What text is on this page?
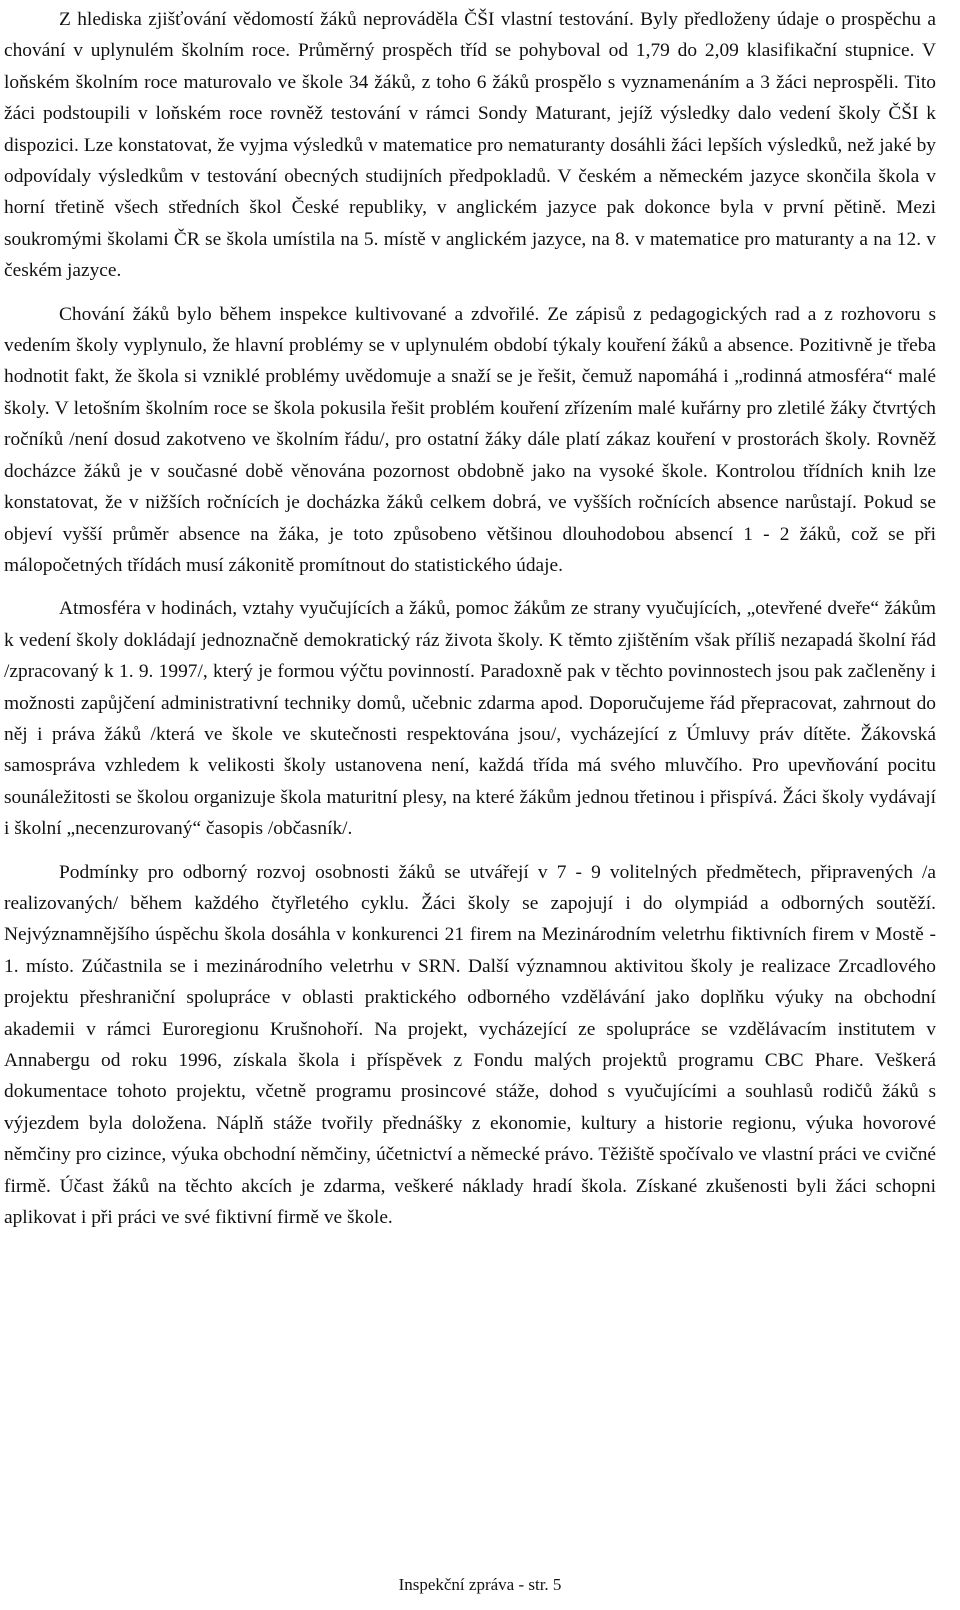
Z hlediska zjišťování vědomostí žáků neprováděla ČŠI vlastní testování. Byly předloženy údaje o prospěchu a chování v uplynulém školním roce. Průměrný prospěch tříd se pohyboval od 1,79 do 2,09 klasifikační stupnice. V loňském školním roce maturovalo ve škole 34 žáků, z toho 6 žáků prospělo s vyznamenáním a 3 žáci neprospěli. Tito žáci podstoupili v loňském roce rovněž testování v rámci Sondy Maturant, jejíž výsledky dalo vedení školy ČŠI k dispozici. Lze konstatovat, že vyjma výsledků v matematice pro nematuranty dosáhli žáci lepších výsledků, než jaké by odpovídaly výsledkům v testování obecných studijních předpokladů. V českém a německém jazyce skončila škola v horní třetině všech středních škol České republiky, v anglickém jazyce pak dokonce byla v první pětině. Mezi soukromými školami ČR se škola umístila na 5. místě v anglickém jazyce, na 8. v matematice pro maturanty a na 12. v českém jazyce.

Chování žáků bylo během inspekce kultivované a zdvořilé. Ze zápisů z pedagogických rad a z rozhovoru s vedením školy vyplynulo, že hlavní problémy se v uplynulém období týkaly kouření žáků a absence. Pozitivně je třeba hodnotit fakt, že škola si vzniklé problémy uvědomuje a snaží se je řešit, čemuž napomáhá i „rodinná atmosféra“ malé školy. V letošním školním roce se škola pokusila řešit problém kouření zřízením malé kuřárny pro zletilé žáky čtvrtých ročníků /není dosud zakotveno ve školním řádu/, pro ostatní žáky dále platí zákaz kouření v prostorách školy. Rovněž docházce žáků je v současné době věnována pozornost obdobně jako na vysoké škole. Kontrolou třídních knih lze konstatovat, že v nižších ročnících je docházka žáků celkem dobrá, ve vyšších ročnících absence narůstají. Pokud se objeví vyšší průměr absence na žáka, je toto způsobeno většinou dlouhodobou absencí 1 - 2 žáků, což se při málopočetných třídách musí zákonitě promítnout do statistického údaje.

Atmosféra v hodinách, vztahy vyučujících a žáků, pomoc žákům ze strany vyučujících, „otevřené dveře“ žákům k vedení školy dokládají jednoznačně demokratický ráz života školy. K těmto zjištěním však příliš nezapadá školní řád /zpracovaný k 1. 9. 1997/, který je formou výčtu povinností. Paradoxně pak v těchto povinnostech jsou pak začleněny i možnosti zapůjčení administrativní techniky domů, učebnic zdarma apod. Doporučujeme řád přepracovat, zahrnout do něj i práva žáků /která ve škole ve skutečnosti respektována jsou/, vycházející z Úmluvy práv dítěte. Žákovská samospráva vzhledem k velikosti školy ustanovena není, každá třída má svého mluvčího. Pro upevňování pocitu sounáležitosti se školou organizuje škola maturitní plesy, na které žákům jednou třetinou i přispívá. Žáci školy vydávají i školní „necenzurovaný“ časopis /občasník/.

Podmínky pro odborný rozvoj osobnosti žáků se utvářejí v 7 - 9 volitelných předmětech, připravených /a realizovaných/ během každého čtyřletého cyklu. Žáci školy se zapojují i do olympiád a odborných soutěží. Nejvýznamnějšího úspěchu škola dosáhla v konkurenci 21 firem na Mezinárodním veletrhu fiktivních firem v Mostě - 1. místo. Zúčastnila se i mezinárodního veletrhu v SRN. Další významnou aktivitou školy je realizace Zrcadlového projektu přeshraniční spolupráce v oblasti praktického odborného vzdělávání jako doplňku výuky na obchodní akademii v rámci Euroregionu Krušnohoří. Na projekt, vycházející ze spolupráce se vzdělávacím institutem v Annabergu od roku 1996, získala škola i příspěvek z Fondu malých projektů programu CBC Phare. Veškerá dokumentace tohoto projektu, včetně programu prosincové stáže, dohod s vyučujícími a souhlasů rodičů žáků s výjezdem byla doložena. Náplň stáže tvořily přednášky z ekonomie, kultury a historie regionu, výuka hovorové němčiny pro cizince, výuka obchodní němčiny, účetnictví a německé právo. Těžiště spočívalo ve vlastní práci ve cvičné firmě. Účast žáků na těchto akcích je zdarma, veškeré náklady hradí škola. Získané zkušenosti byli žáci schopni aplikovat i při práci ve své fiktivní firmě ve škole.

Inspekční zpráva - str. 5
